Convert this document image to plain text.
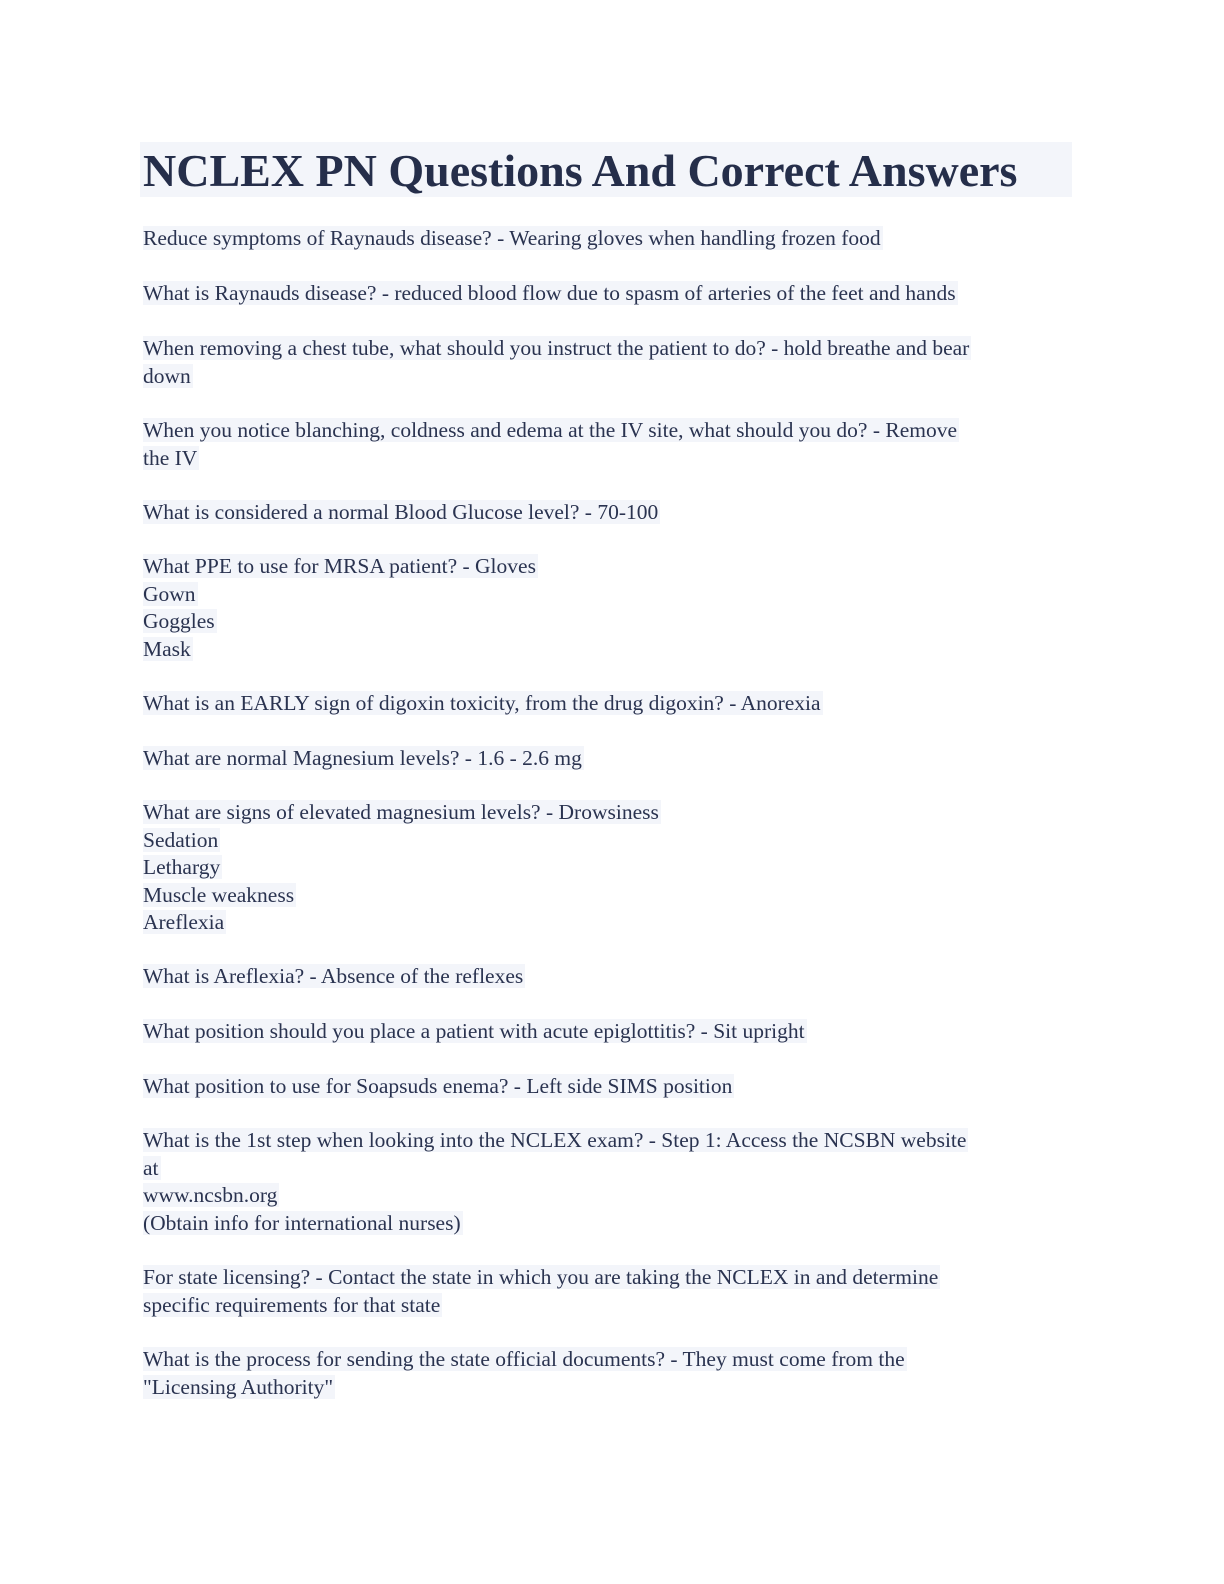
NCLEX PN Questions And Correct Answers
Reduce symptoms of Raynauds disease? - Wearing gloves when handling frozen food
What is Raynauds disease? - reduced blood flow due to spasm of arteries of the feet and hands
When removing a chest tube, what should you instruct the patient to do? - hold breathe and bear
down
When you notice blanching, coldness and edema at the IV site, what should you do? - Remove
the IV
What is considered a normal Blood Glucose level? - 70-100
What PPE to use for MRSA patient? - Gloves
Gown
Goggles
Mask
What is an EARLY sign of digoxin toxicity, from the drug digoxin? - Anorexia
What are normal Magnesium levels? - 1.6 - 2.6 mg
What are signs of elevated magnesium levels? - Drowsiness
Sedation
Lethargy
Muscle weakness
Areflexia
What is Areflexia? - Absence of the reflexes
What position should you place a patient with acute epiglottitis? - Sit upright
What position to use for Soapsuds enema? - Left side SIMS position
What is the 1st step when looking into the NCLEX exam? - Step 1: Access the NCSBN website
at
www.ncsbn.org
(Obtain info for international nurses)
For state licensing? - Contact the state in which you are taking the NCLEX in and determine
specific requirements for that state
What is the process for sending the state official documents? - They must come from the
"Licensing Authority"
